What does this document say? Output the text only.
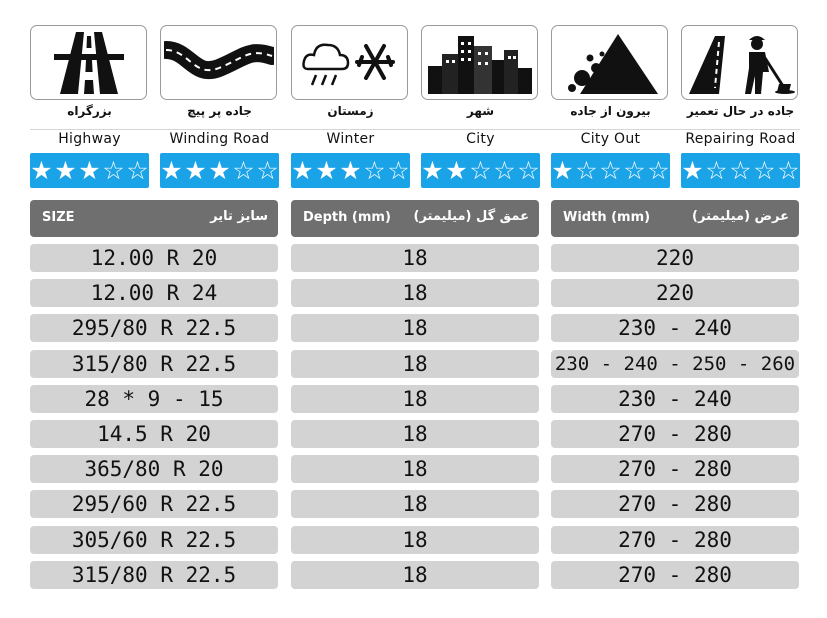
بزرگراه
Highway
★ ★ ★ ☆ ☆
جاده پر پیچ
Winding Road
★ ★ ★ ☆ ☆
زمستان
Winter
★ ★ ★ ☆ ☆
شهر
City
★ ★ ☆ ☆ ☆
بیرون از جاده
City Out
★ ☆ ☆ ☆ ☆
جاده در حال تعمیر
Repairing Road
★ ☆ ☆ ☆ ☆
SIZE	سایز تایر
12.00 R 20
12.00 R 24
295/80 R 22.5
315/80 R 22.5
28 * 9 - 15
14.5 R 20
365/80 R 20
295/60 R 22.5
305/60 R 22.5
315/80 R 22.5
Depth (mm) عمق گل (میلیمتر)
18
18
18
18
18
18
18
18
18
18
Width (mm)	عرض (میلیمتر)
220
220
230 - 240
230 - 240 - 250 - 260
230 - 240
270 - 280
270 - 280
270 - 280
270 - 280
270 - 280
